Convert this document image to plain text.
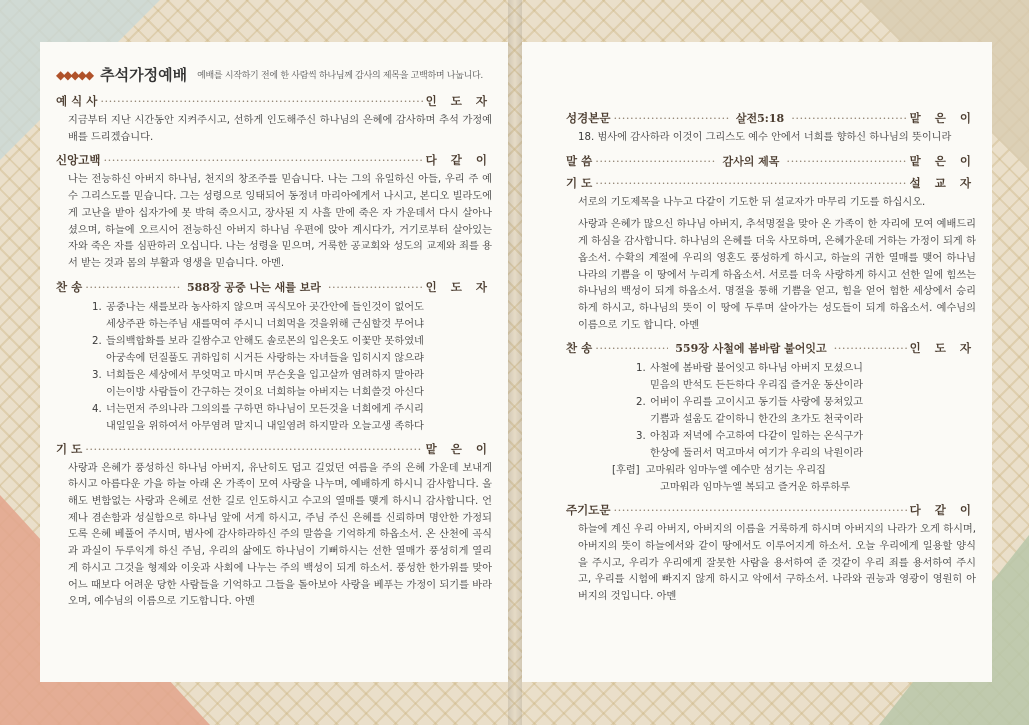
◆◆◆◆◆ 추석가정예배 예배를 시작하기 전에 한 사람씩 하나님께 감사의 제목을 고백하며 나눕니다.
예 식 사 ·····	인 도 자

지금부터 지난 시간동안 지켜주시고, 선하게 인도해주신 하나님의 은혜에 감사하며 추석 가정예배를 드리겠습니다.

신앙고백 ·····	다 같 이

나는 전능하신 아버지 하나님, 천지의 창조주를 믿습니다. 나는 그의 유일하신 아들, 우리 주 예수 그리스도를 믿습니다. 그는 성령으로 잉태되어 동정녀 마리아에게서 나시고, 본디오 빌라도에게 고난을 받아 십자가에 못 박혀 죽으시고, 장사된 지 사흘 만에 죽은 자 가운데서 다시 살아나셨으며, 하늘에 오르시어 전능하신 아버지 하나님 우편에 앉아 계시다가, 거기로부터 살아있는 자와 죽은 자를 심판하러 오십니다. 나는 성령을 믿으며, 거룩한 공교회와 성도의 교제와 죄를 용서 받는 것과 몸의 부활과 영생을 믿습니다. 아멘.

찬 송 ·····	588장 공중 나는 새를 보라 ·····	인 도 자
1. 공중나는 새를보라 농사하지 않으며 곡식모아 곳간안에 들인것이 없어도
세상주관 하는주님 새를먹여 주시니 너희먹을 것을위해 근심할것 무어냐
2. 들의백합화를 보라 길쌈수고 안해도 솔로몬의 입은옷도 이꽃만 못하였네
아궁속에 던질풀도 귀하입히 시거든 사랑하는 자녀들을 입히시지 않으랴
3. 너희들은 세상에서 무엇먹고 마시며 무슨옷을 입고살까 염려하지 말아라
이는이방 사람들이 간구하는 것이요 너희하늘 아버지는 너희쓸것 아신다
4. 너는먼저 주의나라 그의의를 구하면 하나님이 모든것을 너희에게 주시리
내일일을 위하여서 아무염려 말지니 내일염려 하지말라 오늘고생 족하다
기 도 ·····	맡 은 이

사랑과 은혜가 풍성하신 하나님 아버지, 유난히도 덥고 길었던 여름을 주의 은혜 가운데 보내게 하시고 아름다운 가을 하늘 아래 온 가족이 모여 사랑을 나누며, 예배하게 하시니 감사합니다. 올 해도 변함없는 사랑과 은혜로 선한 길로 인도하시고 수고의 열매를 맺게 하시니 감사합니다. 언제나 겸손함과 성실함으로 하나님 앞에 서게 하시고, 주님 주신 은혜를 신뢰하며 명안한 가정되도록 은혜 베풀어 주시며, 범사에 감사하라하신 주의 말씀을 기억하게 하옵소서. 온 산천에 곡식과 과실이 두루익게 하신 주님, 우리의 삶에도 하나님이 기뻐하시는 선한 열매가 풍성히게 열리게 하시고 그것을 형제와 이웃과 사회에 나누는 주의 백성이 되게 하소서. 풍성한 한가위를 맞아 어느 때보다 어려운 당한 사람들을 기억하고 그들을 돌아보아 사랑을 베푸는 가정이 되기를 바라오며, 예수님의 이름으로 기도합니다. 아멘

성경본문 ·····	살전5:18 ·····	맡 은 이

18. 범사에 감사하라 이것이 그리스도 예수 안에서 너희를 향하신 하나님의 뜻이니라

말 씀 ·····	감사의 제목 ·····	맡 은 이
기 도 ·····	설 교 자

서로의 기도제목을 나누고 다같이 기도한 뒤 설교자가 마무리 기도를 하십시오.

사랑과 은혜가 많으신 하나님 아버지, 추석명절을 맞아 온 가족이 한 자리에 모여 예배드리게 하심을 감사합니다. 하나님의 은혜를 더욱 사모하며, 은혜가운데 거하는 가정이 되게 하옵소서. 수확의 계절에 우리의 영혼도 풍성하게 하시고, 하늘의 귀한 열매를 맺어 하나님 나라의 기쁨을 이 땅에서 누리게 하옵소서. 서로를 더욱 사랑하게 하시고 선한 일에 힘쓰는 하나님의 백성이 되게 하옵소서. 명절을 통해 기쁨을 얻고, 힘을 얻어 험한 세상에서 승리하게 하시고, 하나님의 뜻이 이 땅에 두루며 살아가는 성도들이 되게 하옵소서. 예수님의 이름으로 기도 합니다. 아멘

찬 송 ·····	559장 사철에 봄바람 불어잇고 ·····	인 도 자
1. 사철에 봄바람 불어잇고 하나님 아버지 모셨으니
믿음의 반석도 든든하다 우리집 즐거운 동산이라
2. 어버이 우리를 고이시고 동기들 사랑에 뭉쳐있고
기쁨과 설움도 같이하니 한간의 초가도 천국이라
3. 아침과 저녁에 수고하여 다같이 일하는 온식구가
한상에 둘러서 먹고마셔 여기가 우리의 낙원이라
[후렴] 고마워라 임마누엘 예수만 섬기는 우리집
고마워라 임마누엘 복되고 즐거운 하루하루
주기도문 ·····	다 같 이

하늘에 계신 우리 아버지, 아버지의 이름을 거룩하게 하시며 아버지의 나라가 오게 하시며, 아버지의 뜻이 하늘에서와 같이 땅에서도 이루어지게 하소서. 오늘 우리에게 일용할 양식을 주시고, 우리가 우리에게 잘못한 사람을 용서하여 준 것같이 우리 죄를 용서하여 주시고, 우리를 시험에 빠지지 않게 하시고 악에서 구하소서. 나라와 권능과 영광이 영원히 아버지의 것입니다. 아멘
